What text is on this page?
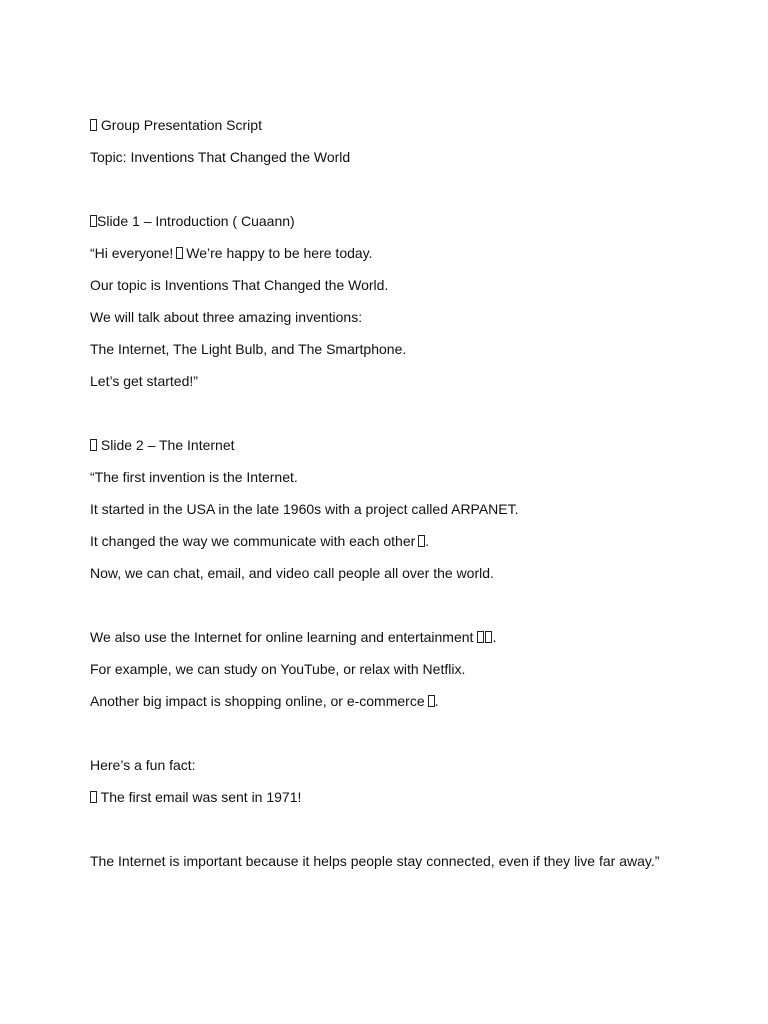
Group Presentation Script
Topic: Inventions That Changed the World
Slide 1 – Introduction ( Cuaann)
“Hi everyone! We’re happy to be here today.
Our topic is Inventions That Changed the World.
We will talk about three amazing inventions:
The Internet, The Light Bulb, and The Smartphone.
Let’s get started!”
Slide 2 – The Internet
“The first invention is the Internet.
It started in the USA in the late 1960s with a project called ARPANET.
It changed the way we communicate with each other .
Now, we can chat, email, and video call people all over the world.
We also use the Internet for online learning and entertainment .
For example, we can study on YouTube, or relax with Netflix.
Another big impact is shopping online, or e-commerce .
Here’s a fun fact:
The first email was sent in 1971!
The Internet is important because it helps people stay connected, even if they live far away.”
